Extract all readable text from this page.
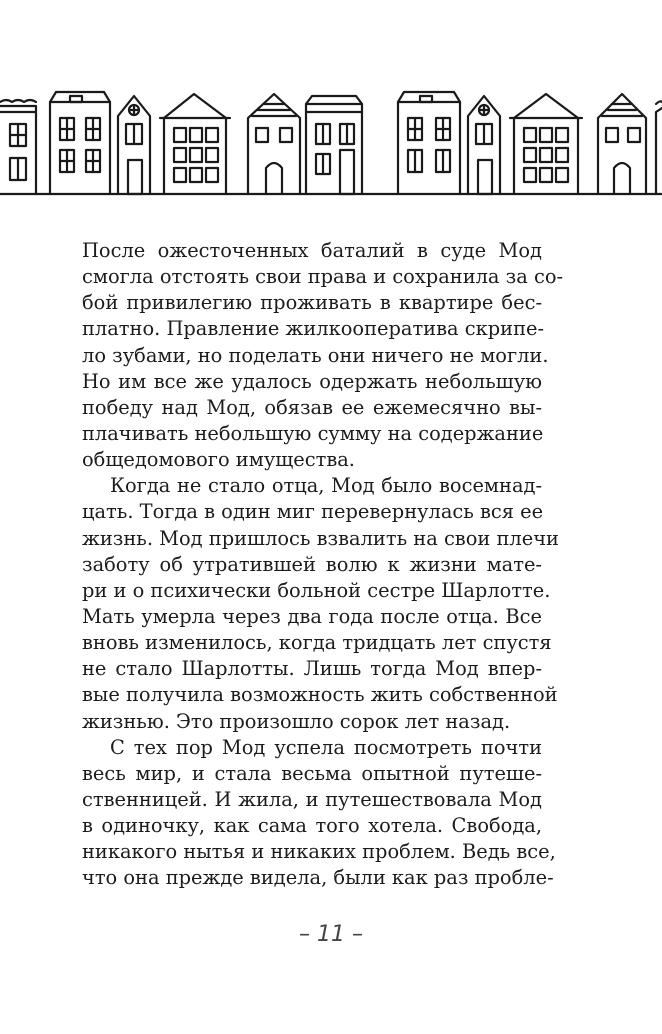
После ожесточенных баталий в суде Мод
смогла отстоять свои права и сохранила за со-
бой привилегию проживать в квартире бес-
платно. Правление жилкооператива скрипе-
ло зубами, но поделать они ничего не могли.
Но им все же удалось одержать небольшую
победу над Мод, обязав ее ежемесячно вы-
плачивать небольшую сумму на содержание
общедомового имущества.
Когда не стало отца, Мод было восемнад-
цать. Тогда в один миг перевернулась вся ее
жизнь. Мод пришлось взвалить на свои плечи
заботу об утратившей волю к жизни мате-
ри и о психически больной сестре Шарлотте.
Мать умерла через два года после отца. Все
вновь изменилось, когда тридцать лет спустя
не стало Шарлотты. Лишь тогда Мод впер-
вые получила возможность жить собственной
жизнью. Это произошло сорок лет назад.
С тех пор Мод успела посмотреть почти
весь мир, и стала весьма опытной путеше-
ственницей. И жила, и путешествовала Мод
в одиночку, как сама того хотела. Свобода,
никакого нытья и никаких проблем. Ведь все,
что она прежде видела, были как раз пробле-
– 11 –
